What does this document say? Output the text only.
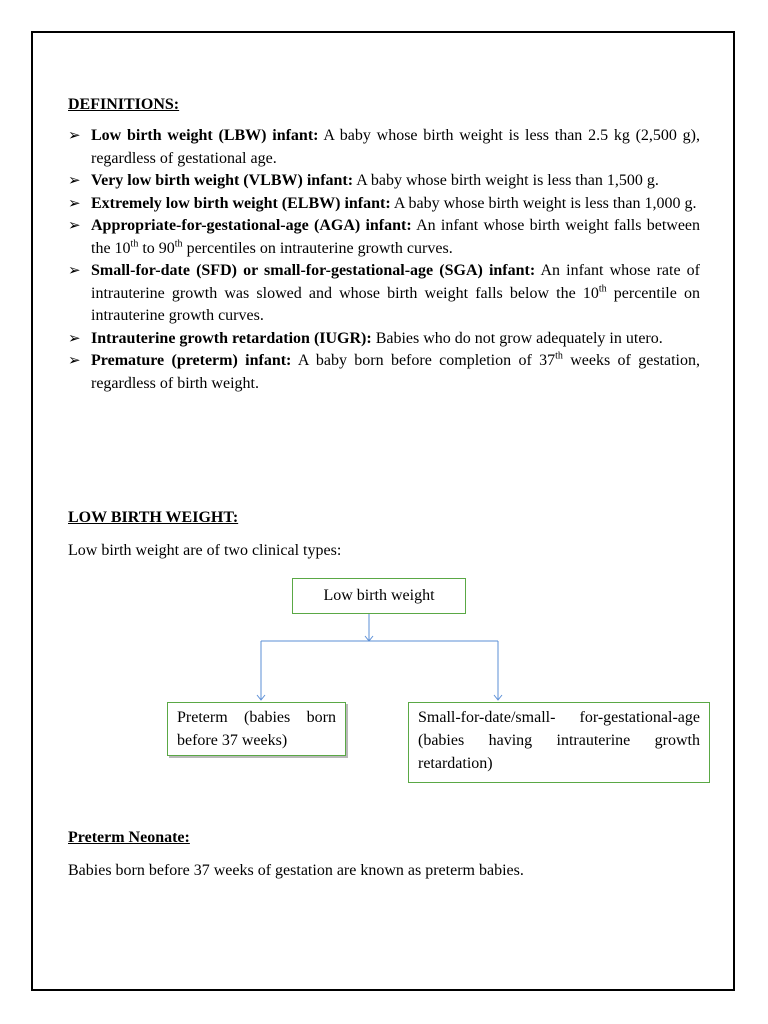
DEFINITIONS:
➢ Low birth weight (LBW) infant: A baby whose birth weight is less than 2.5 kg (2,500 g), regardless of gestational age.
➢ Very low birth weight (VLBW) infant: A baby whose birth weight is less than 1,500 g.
➢ Extremely low birth weight (ELBW) infant: A baby whose birth weight is less than 1,000 g.
➢ Appropriate-for-gestational-age (AGA) infant: An infant whose birth weight falls between the 10th to 90th percentiles on intrauterine growth curves.
➢ Small-for-date (SFD) or small-for-gestational-age (SGA) infant: An infant whose rate of intrauterine growth was slowed and whose birth weight falls below the 10th percentile on intrauterine growth curves.
➢ Intrauterine growth retardation (IUGR): Babies who do not grow adequately in utero.
➢ Premature (preterm) infant: A baby born before completion of 37th weeks of gestation, regardless of birth weight.
LOW BIRTH WEIGHT:
Low birth weight are of two clinical types:
Low birth weight
Preterm (babies born before 37 weeks)
Small-for-date/small- for-gestational-age (babies having intrauterine growth retardation)
Preterm Neonate:
Babies born before 37 weeks of gestation are known as preterm babies.
